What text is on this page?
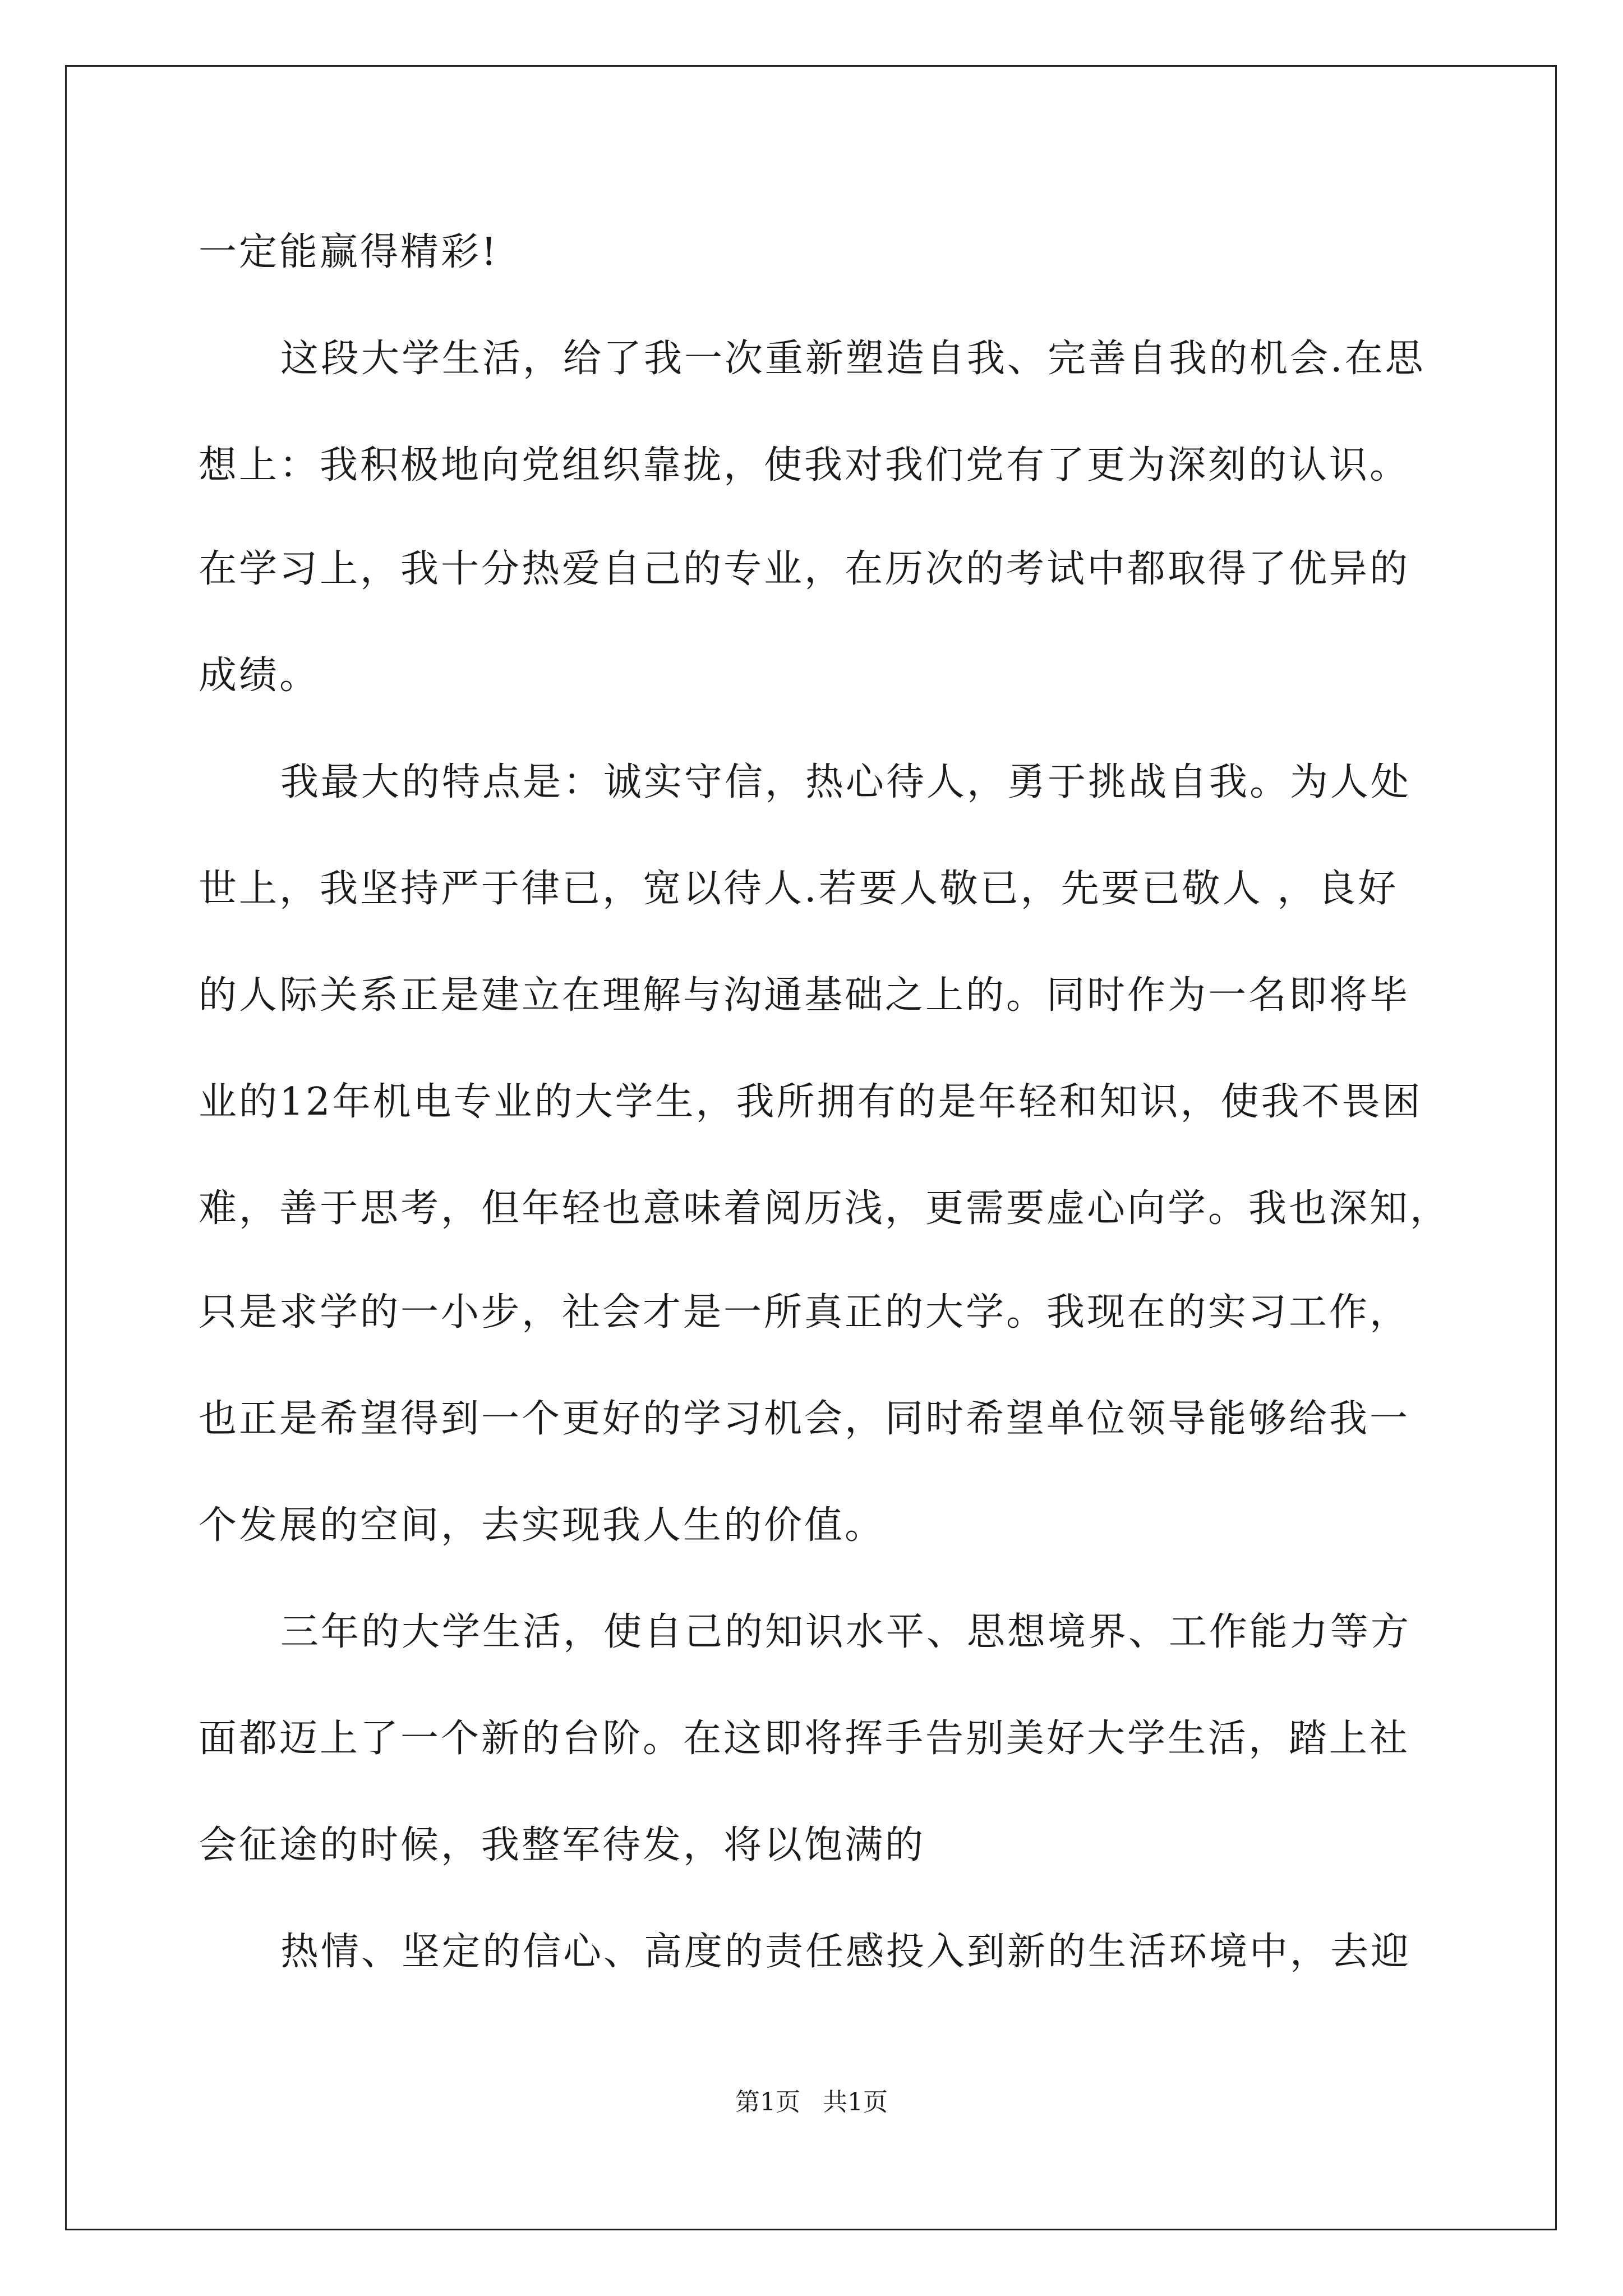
一定能赢得精彩!
这段大学生活，给了我一次重新塑造自我、完善自我的机会.在思
想上：我积极地向党组织靠拢，使我对我们党有了更为深刻的认识。
在学习上，我十分热爱自己的专业，在历次的考试中都取得了优异的
成绩。
我最大的特点是：诚实守信，热心待人，勇于挑战自我。为人处
世上，我坚持严于律已，宽以待人.若要人敬已，先要已敬人 ，良好
的人际关系正是建立在理解与沟通基础之上的。同时作为一名即将毕
业的12年机电专业的大学生，我所拥有的是年轻和知识，使我不畏困
难，善于思考，但年轻也意味着阅历浅，更需要虚心向学。我也深知，
只是求学的一小步，社会才是一所真正的大学。我现在的实习工作，
也正是希望得到一个更好的学习机会，同时希望单位领导能够给我一
个发展的空间，去实现我人生的价值。
三年的大学生活，使自己的知识水平、思想境界、工作能力等方
面都迈上了一个新的台阶。在这即将挥手告别美好大学生活，踏上社
会征途的时候，我整军待发，将以饱满的
热情、坚定的信心、高度的责任感投入到新的生活环境中，去迎
第1页 共1页
